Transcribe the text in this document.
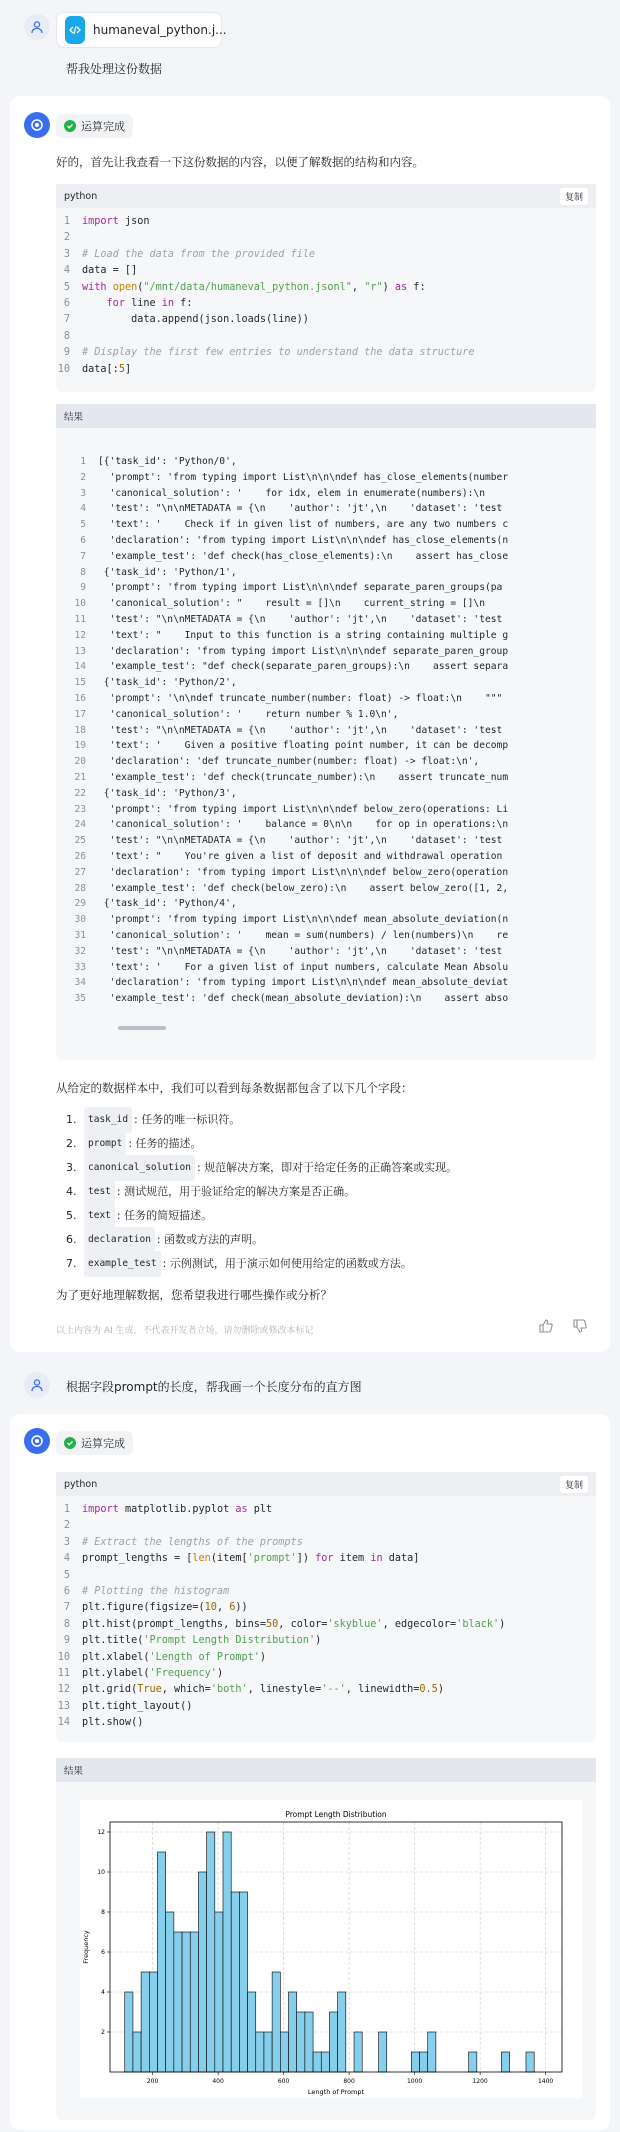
humaneval_python.j...
帮我处理这份数据
运算完成
好的，首先让我查看一下这份数据的内容，以便了解数据的结构和内容。
python	复制
1	import json
2
3	# Load the data from the provided file
4	data = []
5	with open("/mnt/data/humaneval_python.jsonl", "r") as f:
6	for line in f:
7	data.append(json.loads(line))
8
9	# Display the first few entries to understand the data structure
10	data[:5]
结果
1	[{'task_id': 'Python/0',
2	'prompt': 'from typing import List\n\n\ndef has_close_elements(number
3	'canonical_solution': '    for idx, elem in enumerate(numbers):\n
4	'test': "\n\nMETADATA = {\n    'author': 'jt',\n    'dataset': 'test
5	'text': '    Check if in given list of numbers, are any two numbers c
6	'declaration': 'from typing import List\n\n\ndef has_close_elements(n
7	'example_test': 'def check(has_close_elements):\n    assert has_close
8	{'task_id': 'Python/1',
9	'prompt': 'from typing import List\n\n\ndef separate_paren_groups(pa
10	'canonical_solution': "    result = []\n    current_string = []\n
11	'test': "\n\nMETADATA = {\n    'author': 'jt',\n    'dataset': 'test
12	'text': "    Input to this function is a string containing multiple g
13	'declaration': 'from typing import List\n\n\ndef separate_paren_group
14	'example_test': "def check(separate_paren_groups):\n    assert separa
15	{'task_id': 'Python/2',
16	'prompt': '\n\ndef truncate_number(number: float) -> float:\n    """
17	'canonical_solution': '    return number % 1.0\n',
18	'test': "\n\nMETADATA = {\n    'author': 'jt',\n    'dataset': 'test
19	'text': '    Given a positive floating point number, it can be decomp
20	'declaration': 'def truncate_number(number: float) -> float:\n',
21	'example_test': 'def check(truncate_number):\n    assert truncate_num
22	{'task_id': 'Python/3',
23	'prompt': 'from typing import List\n\n\ndef below_zero(operations: Li
24	'canonical_solution': '    balance = 0\n\n    for op in operations:\n
25	'test': "\n\nMETADATA = {\n    'author': 'jt',\n    'dataset': 'test
26	'text': "    You're given a list of deposit and withdrawal operation
27	'declaration': 'from typing import List\n\n\ndef below_zero(operation
28	'example_test': 'def check(below_zero):\n    assert below_zero([1, 2,
29	{'task_id': 'Python/4',
30	'prompt': 'from typing import List\n\n\ndef mean_absolute_deviation(n
31	'canonical_solution': '    mean = sum(numbers) / len(numbers)\n    re
32	'test': "\n\nMETADATA = {\n    'author': 'jt',\n    'dataset': 'test
33	'text': '    For a given list of input numbers, calculate Mean Absolu
34	'declaration': 'from typing import List\n\n\ndef mean_absolute_deviat
35	'example_test': 'def check(mean_absolute_deviation):\n    assert abso
从给定的数据样本中，我们可以看到每条数据都包含了以下几个字段：
1.	task_id : 任务的唯一标识符。
2.	prompt : 任务的描述。
3.	canonical_solution : 规范解决方案，即对于给定任务的正确答案或实现。
4.	test : 测试规范，用于验证给定的解决方案是否正确。
5.	text : 任务的简短描述。
6.	declaration : 函数或方法的声明。
7.	example_test : 示例测试，用于演示如何使用给定的函数或方法。
为了更好地理解数据，您希望我进行哪些操作或分析？
以上内容为 AI 生成，不代表开发者立场，请勿删除或修改本标记
根据字段prompt的长度，帮我画一个长度分布的直方图
运算完成
python	复制
1	import matplotlib.pyplot as plt
2
3	# Extract the lengths of the prompts
4	prompt_lengths = [len(item['prompt']) for item in data]
5
6	# Plotting the histogram
7	plt.figure(figsize=(10, 6))
8	plt.hist(prompt_lengths, bins=50, color='skyblue', edgecolor='black')
9	plt.title('Prompt Length Distribution')
10	plt.xlabel('Length of Prompt')
11	plt.ylabel('Frequency')
12	plt.grid(True, which='both', linestyle='--', linewidth=0.5)
13	plt.tight_layout()
14	plt.show()
结果
200	400	600	800	1000	1200	1400
2
4
6
8
10
12
Prompt Length Distribution
Length of Prompt
Frequency
